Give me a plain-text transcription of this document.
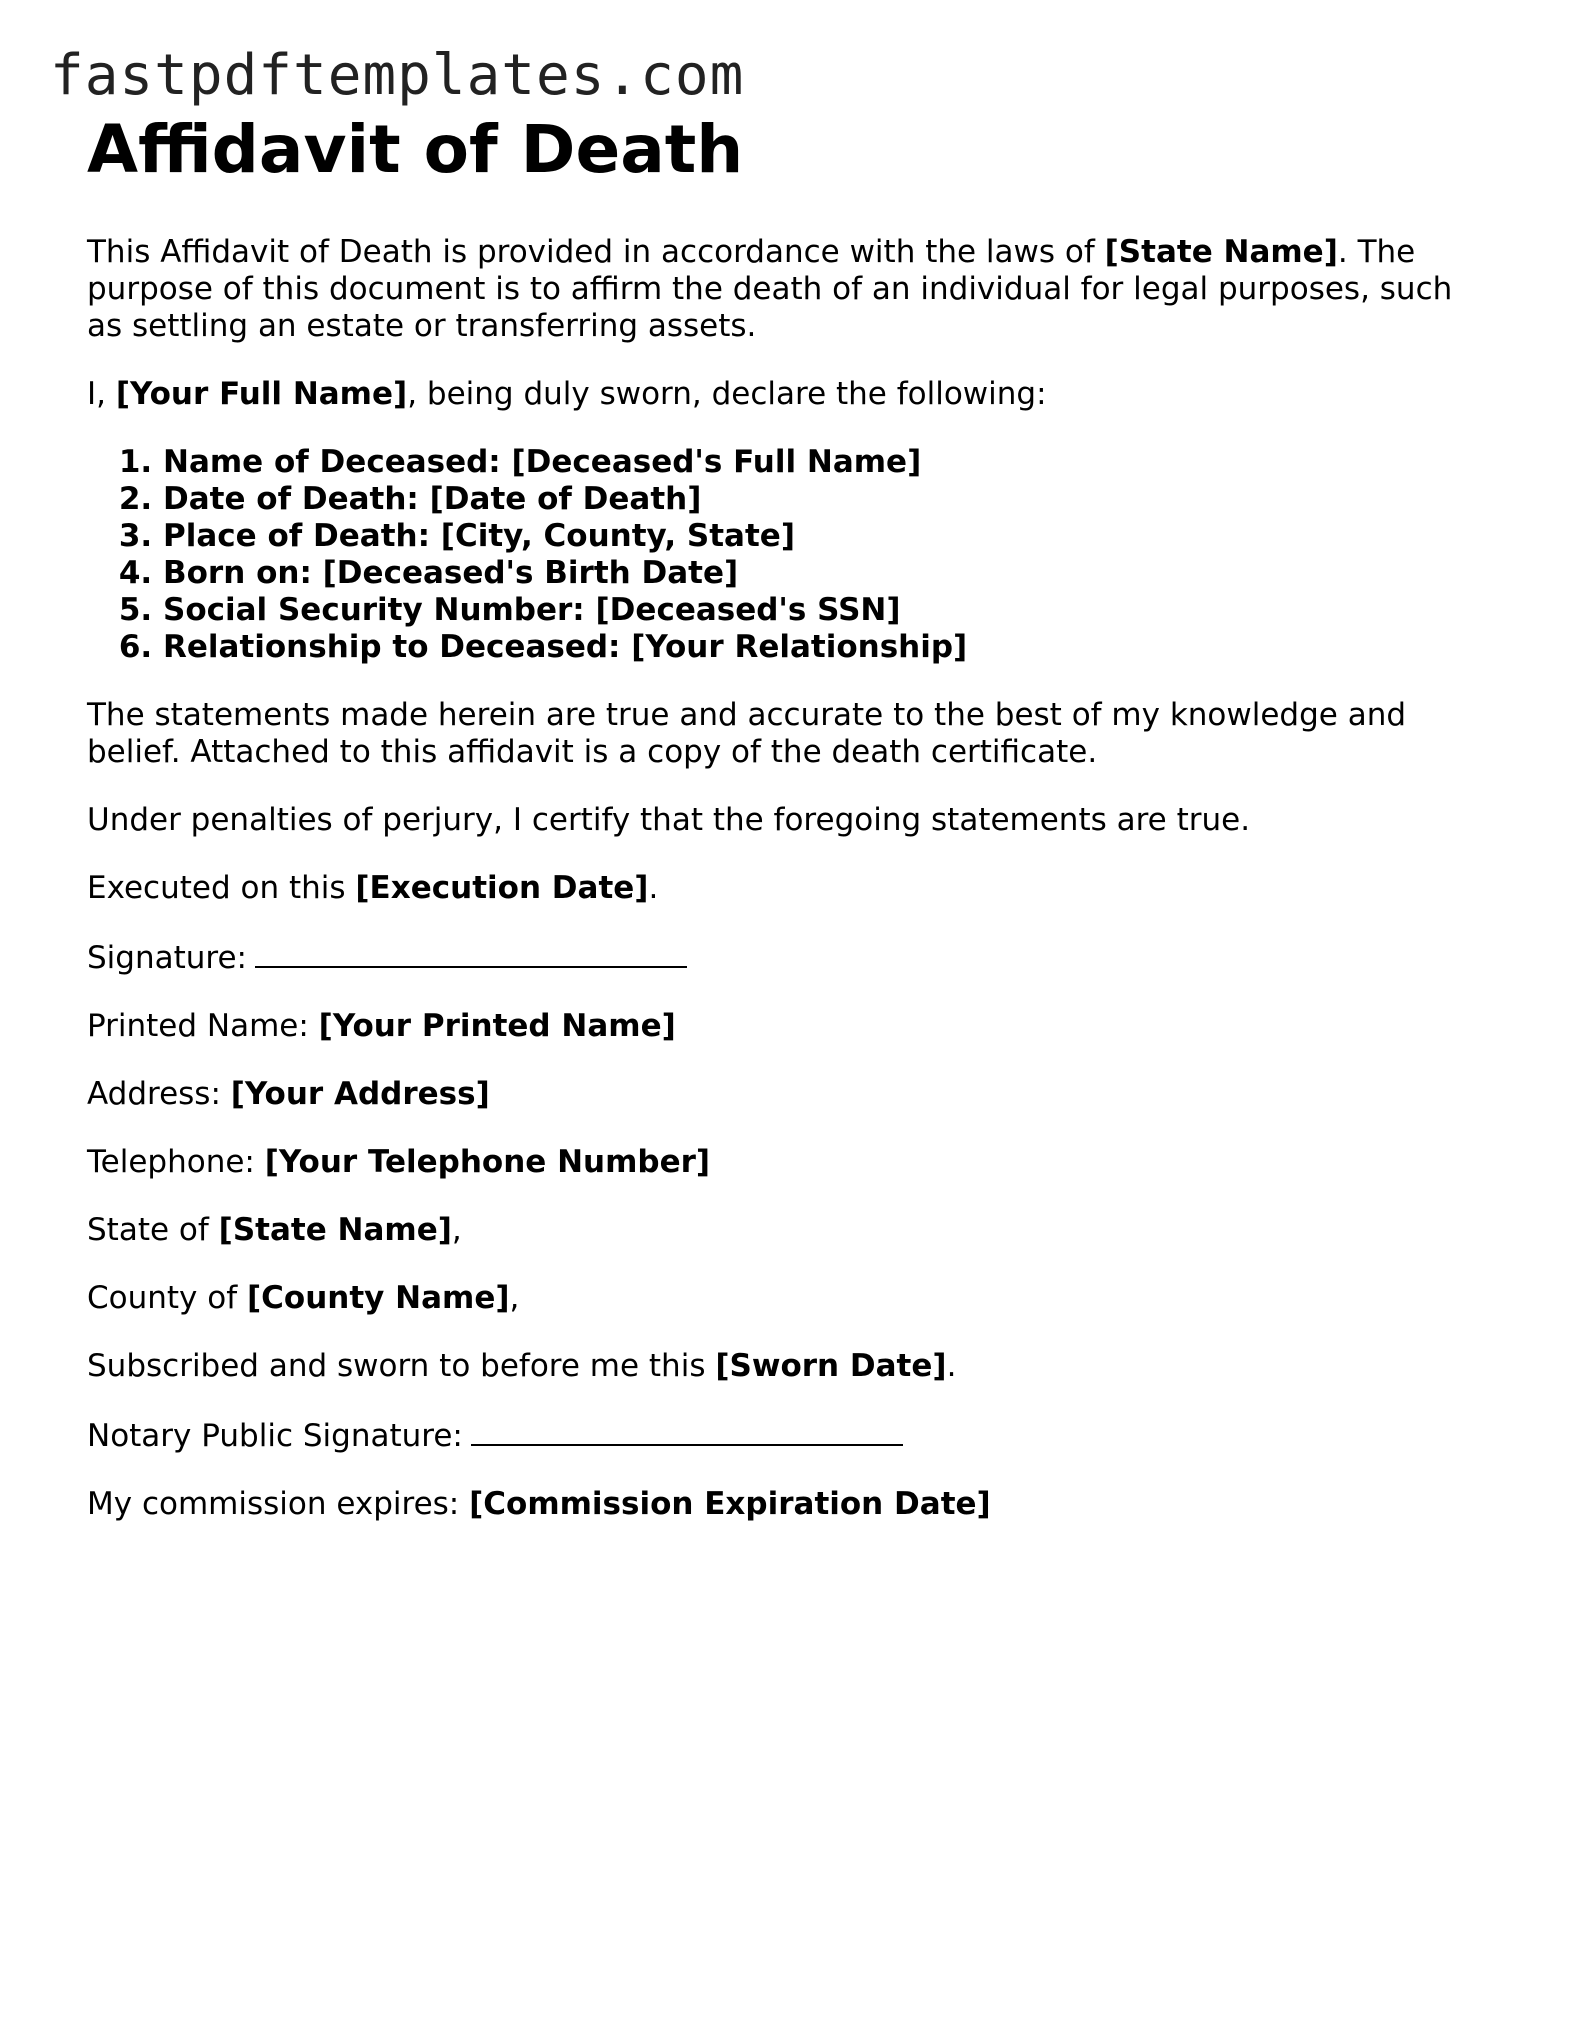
fastpdftemplates.com
Affidavit of Death

This Affidavit of Death is provided in accordance with the laws of [State Name]. The purpose of this document is to affirm the death of an individual for legal purposes, such as settling an estate or transferring assets.

I, [Your Full Name], being duly sworn, declare the following:

1. Name of Deceased: [Deceased's Full Name]
2. Date of Death: [Date of Death]
3. Place of Death: [City, County, State]
4. Born on: [Deceased's Birth Date]
5. Social Security Number: [Deceased's SSN]
6. Relationship to Deceased: [Your Relationship]

The statements made herein are true and accurate to the best of my knowledge and belief. Attached to this affidavit is a copy of the death certificate.

Under penalties of perjury, I certify that the foregoing statements are true.

Executed on this [Execution Date].

Signature:

Printed Name: [Your Printed Name]

Address: [Your Address]

Telephone: [Your Telephone Number]

State of [State Name],

County of [County Name],

Subscribed and sworn to before me this [Sworn Date].

Notary Public Signature:

My commission expires: [Commission Expiration Date]
